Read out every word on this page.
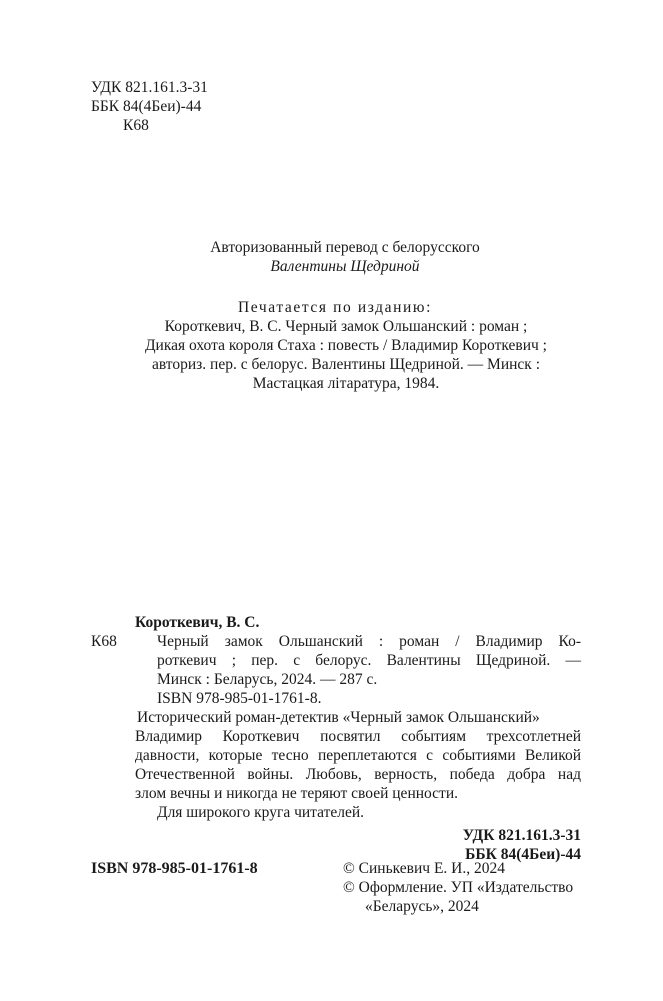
УДК 821.161.3-31
ББК 84(4Беи)-44
К68
Авторизованный перевод с белорусского
Валентины Щедриной
Печатается по изданию:
Короткевич, В. С. Черный замок Ольшанский : роман ;
Дикая охота короля Стаха : повесть / Владимир Короткевич ;
авториз. пер. с белорус. Валентины Щедриной. — Минск :
Мастацкая літаратура, 1984.
К68
Короткевич, В. С.
Черный замок Ольшанский : роман / Владимир Ко-
роткевич ; пер. с белорус. Валентины Щедриной. —
Минск : Беларусь, 2024. — 287 с.
ISBN 978-985-01-1761-8.
Исторический роман-детектив «Черный замок Ольшанский»
Владимир Короткевич посвятил событиям трехсотлетней
давности, которые тесно переплетаются с событиями Великой
Отечественной войны. Любовь, верность, победа добра над
злом вечны и никогда не теряют своей ценности.
Для широкого круга читателей.
УДК 821.161.3-31
ББК 84(4Беи)-44
ISBN 978-985-01-1761-8	© Синькевич Е. И., 2024
© Оформление. УП «Издательство
«Беларусь», 2024
